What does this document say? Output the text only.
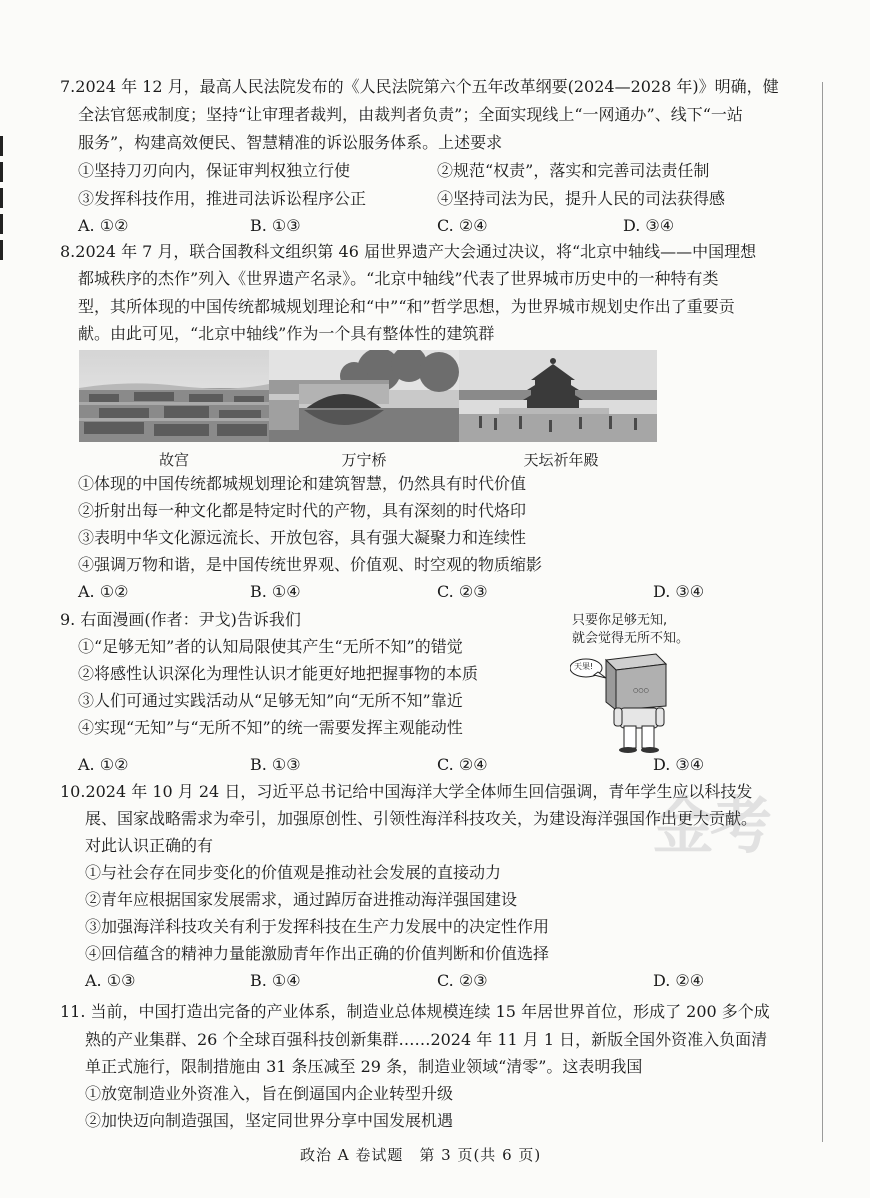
7.2024 年 12 月，最高人民法院发布的《人民法院第六个五年改革纲要(2024—2028 年)》明确，健
全法官惩戒制度；坚持“让审理者裁判，由裁判者负责”；全面实现线上“一网通办”、线下“一站
服务”，构建高效便民、智慧精准的诉讼服务体系。上述要求
①坚持刀刃向内，保证审判权独立行使	②规范“权责”，落实和完善司法责任制
③发挥科技作用，推进司法诉讼程序公正	④坚持司法为民，提升人民的司法获得感
A. ①②	B. ①③	C. ②④	D. ③④
8.2024 年 7 月，联合国教科文组织第 46 届世界遗产大会通过决议，将“北京中轴线——中国理想
都城秩序的杰作”列入《世界遗产名录》。“北京中轴线”代表了世界城市历史中的一种特有类
型，其所体现的中国传统都城规划理论和“中”“和”哲学思想，为世界城市规划史作出了重要贡
献。由此可见，“北京中轴线”作为一个具有整体性的建筑群
故宫	万宁桥	天坛祈年殿
①体现的中国传统都城规划理论和建筑智慧，仍然具有时代价值
②折射出每一种文化都是特定时代的产物，具有深刻的时代烙印
③表明中华文化源远流长、开放包容，具有强大凝聚力和连续性
④强调万物和谐，是中国传统世界观、价值观、时空观的物质缩影
A. ①②	B. ①④	C. ②③	D. ③④
9. 右面漫画(作者：尹戈)告诉我们
①“足够无知”者的认知局限使其产生“无所不知”的错觉
②将感性认识深化为理性认识才能更好地把握事物的本质
③人们可通过实践活动从“足够无知”向“无所不知”靠近
④实现“无知”与“无所不知”的统一需要发挥主观能动性
只要你足够无知,
就会觉得无所不知。
○○○
天果!
A. ①②	B. ①③	C. ②④	D. ③④
金考
10.2024 年 10 月 24 日，习近平总书记给中国海洋大学全体师生回信强调，青年学生应以科技发
展、国家战略需求为牵引，加强原创性、引领性海洋科技攻关，为建设海洋强国作出更大贡献。
对此认识正确的有
①与社会存在同步变化的价值观是推动社会发展的直接动力
②青年应根据国家发展需求，通过踔厉奋进推动海洋强国建设
③加强海洋科技攻关有利于发挥科技在生产力发展中的决定性作用
④回信蕴含的精神力量能激励青年作出正确的价值判断和价值选择
A. ①③	B. ①④	C. ②③	D. ②④
11. 当前，中国打造出完备的产业体系，制造业总体规模连续 15 年居世界首位，形成了 200 多个成
熟的产业集群、26 个全球百强科技创新集群……2024 年 11 月 1 日，新版全国外资准入负面清
单正式施行，限制措施由 31 条压减至 29 条，制造业领域“清零”。这表明我国
①放宽制造业外资准入，旨在倒逼国内企业转型升级
②加快迈向制造强国，坚定同世界分享中国发展机遇
政治 A 卷试题　第 3 页(共 6 页)
